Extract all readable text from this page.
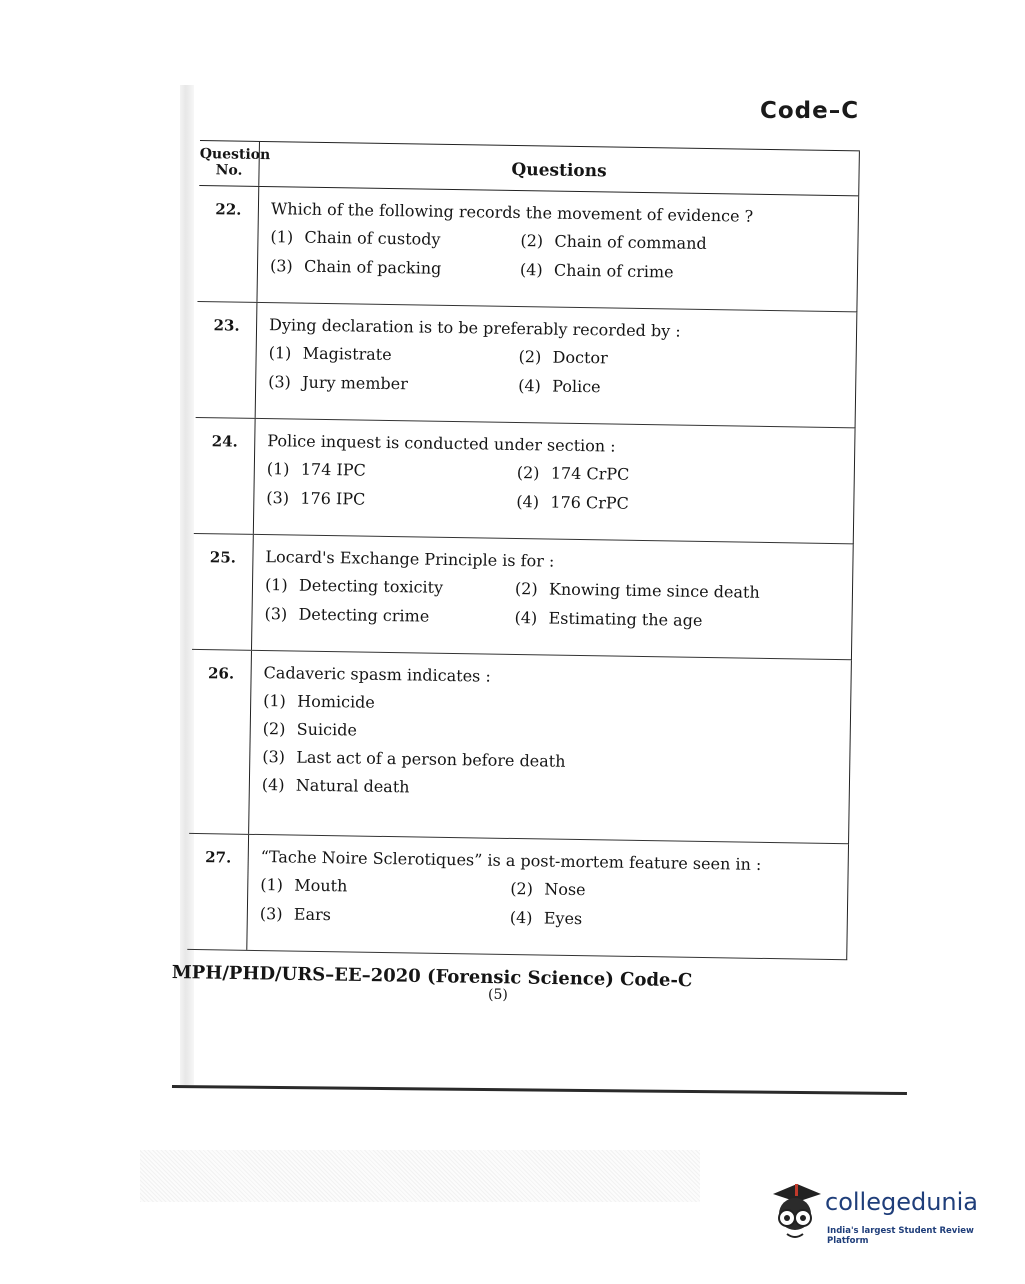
Code–C
Question No.	Questions
22.	Which of the following records the movement of evidence ?
(1) Chain of custody	(2) Chain of command
(3) Chain of packing	(4) Chain of crime
23.	Dying declaration is to be preferably recorded by :
(1) Magistrate	(2) Doctor
(3) Jury member	(4) Police
24.	Police inquest is conducted under section :
(1) 174 IPC	(2) 174 CrPC
(3) 176 IPC	(4) 176 CrPC
25.	Locard's Exchange Principle is for :
(1) Detecting toxicity	(2) Knowing time since death
(3) Detecting crime	(4) Estimating the age
26.	Cadaveric spasm indicates :
(1) Homicide
(2) Suicide
(3) Last act of a person before death
(4) Natural death
27.	“Tache Noire Sclerotiques” is a post-mortem feature seen in :
(1) Mouth	(2) Nose
(3) Ears	(4) Eyes
MPH/PHD/URS–EE–2020 (Forensic Science) Code-C
(5)
collegedunia
India's largest Student Review Platform
